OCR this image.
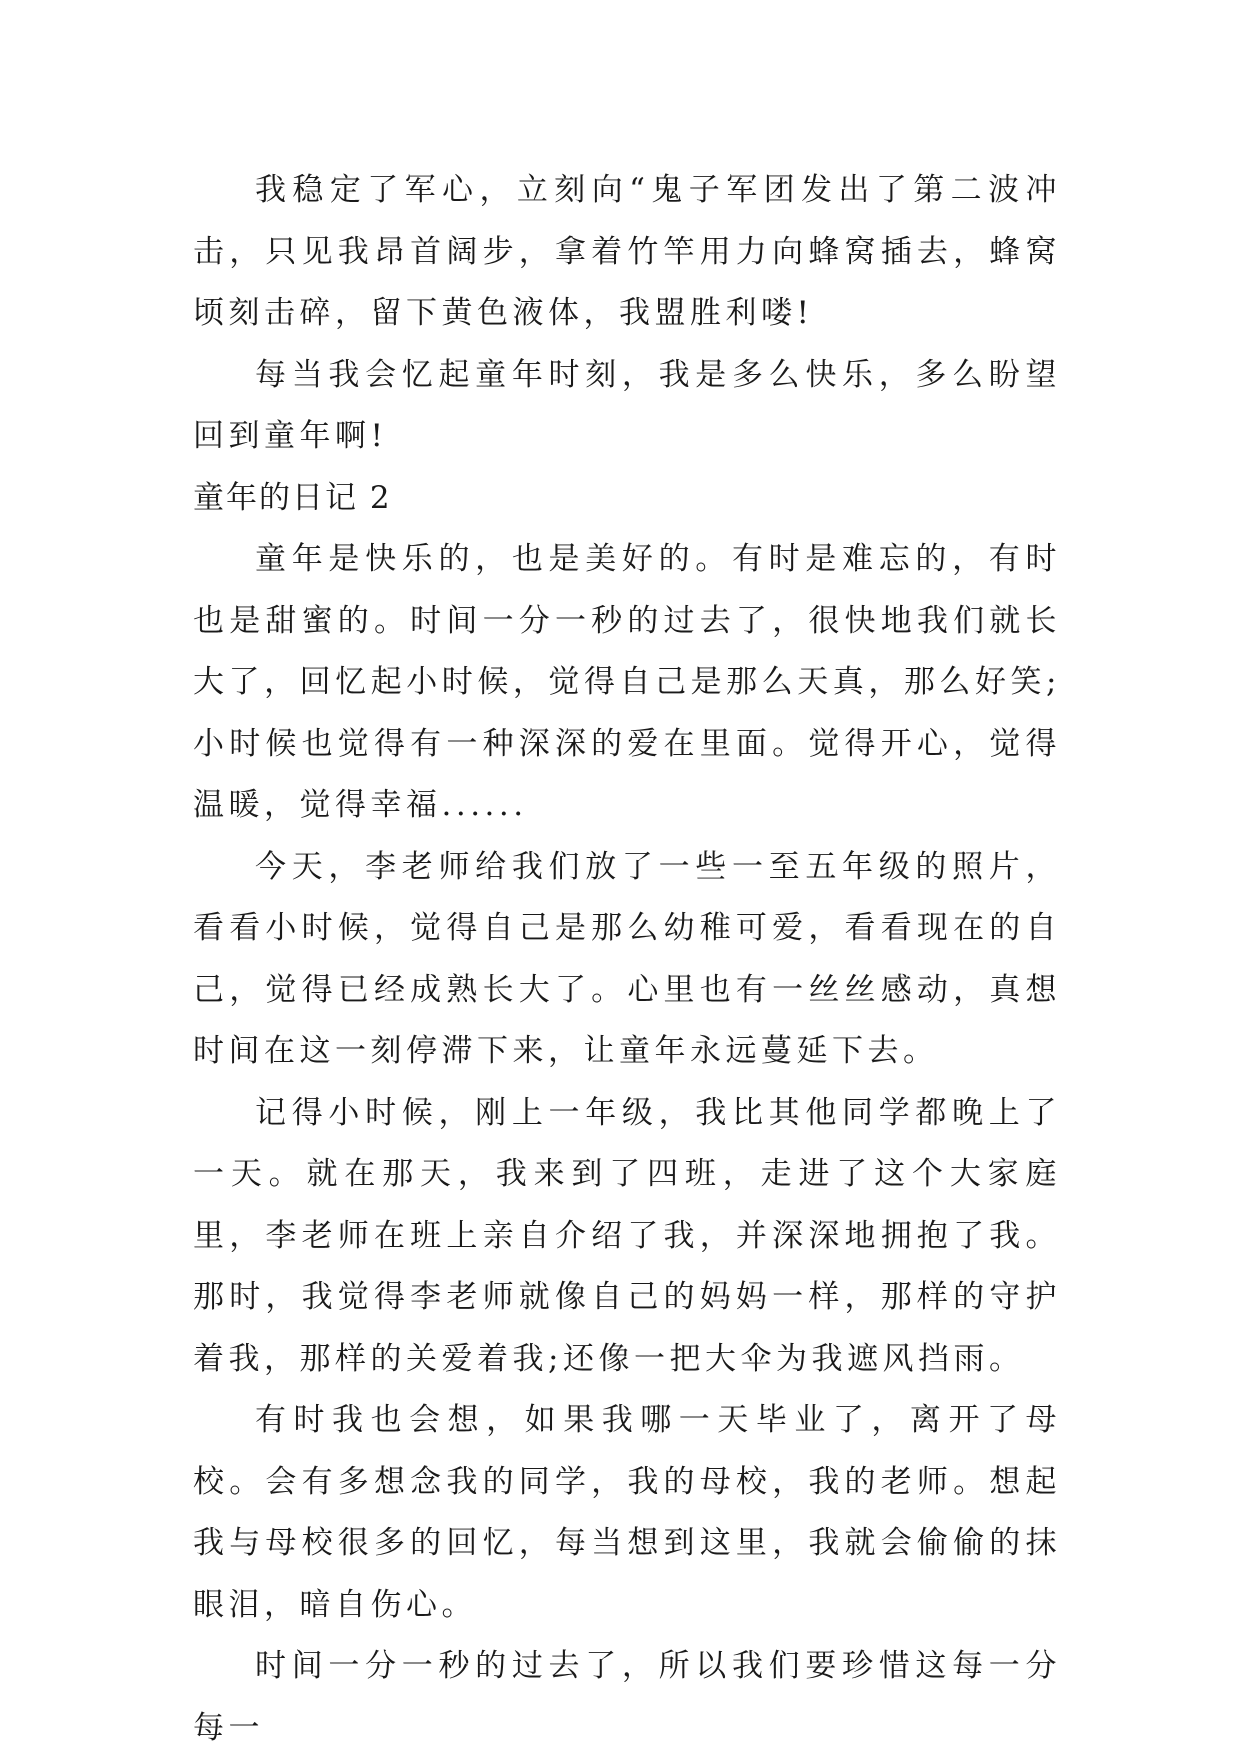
我稳定了军心，立刻向“鬼子军团发出了第二波冲击，只见我昂首阔步，拿着竹竿用力向蜂窝插去，蜂窝顷刻击碎，留下黄色液体，我盟胜利喽!

每当我会忆起童年时刻，我是多么快乐，多么盼望回到童年啊!

童年的日记 2

童年是快乐的，也是美好的。有时是难忘的，有时也是甜蜜的。时间一分一秒的过去了，很快地我们就长大了，回忆起小时候，觉得自己是那么天真，那么好笑;小时候也觉得有一种深深的爱在里面。觉得开心，觉得温暖，觉得幸福......

今天，李老师给我们放了一些一至五年级的照片，看看小时候，觉得自己是那么幼稚可爱，看看现在的自己，觉得已经成熟长大了。心里也有一丝丝感动，真想时间在这一刻停滞下来，让童年永远蔓延下去。

记得小时候，刚上一年级，我比其他同学都晚上了一天。就在那天，我来到了四班，走进了这个大家庭里，李老师在班上亲自介绍了我，并深深地拥抱了我。那时，我觉得李老师就像自己的妈妈一样，那样的守护着我，那样的关爱着我;还像一把大伞为我遮风挡雨。

有时我也会想，如果我哪一天毕业了，离开了母校。会有多想念我的同学，我的母校，我的老师。想起我与母校很多的回忆，每当想到这里，我就会偷偷的抹眼泪，暗自伤心。

时间一分一秒的过去了，所以我们要珍惜这每一分每一
